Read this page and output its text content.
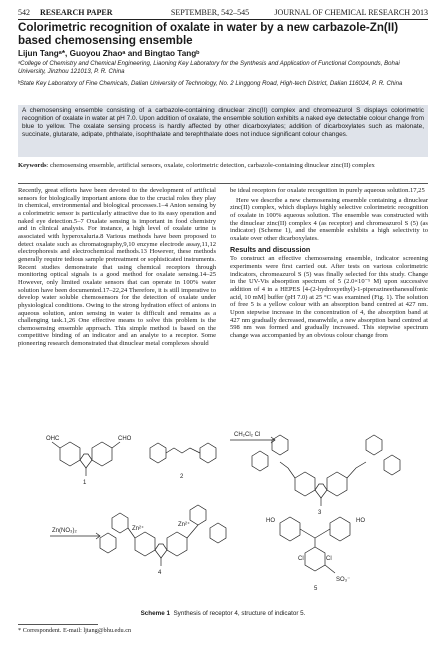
542	RESEARCH PAPER	SEPTEMBER, 542–545	JOURNAL OF CHEMICAL RESEARCH 2013
Colorimetric recognition of oxalate in water by a new carbazole-Zn(II) based chemosensing ensemble
Lijun Tangᵃ*, Guoyou Zhaoᵃ and Bingtao Tangᵇ
ᵃCollege of Chemistry and Chemical Engineering, Liaoning Key Laboratory for the Synthesis and Application of Functional Compounds, Bohai University, Jinzhou 121013, P. R. China
ᵇState Key Laboratory of Fine Chemicals, Dalian University of Technology, No. 2 Linggong Road, High-tech District, Dalian 116024, P. R. China
A chemosensing ensemble consisting of a carbazole-containing dinuclear zinc(II) complex and chromeazurol S displays colorimetric recognition of oxalate in water at pH 7.0. Upon addition of oxalate, the ensemble solution exhibits a naked eye detectable colour change from blue to yellow. The oxalate sensing process is hardly affected by other dicarboxylates; addition of dicarboxylates such as malonate, succinate, glutarate, adipate, phthalate, isophthalate and terephthalate does not induce significant colour changes.
Keywords: chemosensing ensemble, artificial sensors, oxalate, colorimetric detection, carbazole-containing dinuclear zinc(II) complex

Recently, great efforts have been devoted to the development of artificial sensors for biologically important anions due to the crucial roles they play in chemical, environmental and biological processes.1–4 Anion sensing by a colorimetric sensor is particularly attractive due to its easy operation and naked eye detection.5–7 Oxalate sensing is important in food chemistry and in clinical analysis. For instance, a high level of oxalate urine is associated with hyperoxaluria.8 Various methods have been proposed to detect oxalate such as chromatography,9,10 enzyme electrode assay,11,12 electrophoresis and electrochemical methods.13 However, these methods generally require tedious sample pretreatment or sophisticated instruments. Recent studies demonstrate that using chemical receptors through monitoring optical signals is a good method for oxalate sensing.14–25 However, only limited oxalate sensors that can operate in 100% water solution have been documented.17–22,24 Therefore, it is still imperative to develop water soluble chemosensors for the detection of oxalate under physiological conditions. Owing to the strong hydration effect of anions in aqueous solution, anion sensing in water is difficult and remains as a challenging task.1,26 One effective means to solve this problem is the chemosensing ensemble approach. This simple method is based on the competitive binding of an indicator and an analyte to a receptor. Some pioneering research demonstrated that dinuclear metal complexes should

be ideal receptors for oxalate recognition in purely aqueous solution.17,25

Here we describe a new chemosensing ensemble containing a dinuclear zinc(II) complex, which displays highly selective colorimetric recognition of oxalate in 100% aqueous solution. The ensemble was constructed with the dinuclear zinc(II) complex 4 (as receptor) and chromeazurol S (5) (as indicator) (Scheme 1), and the ensemble exhibits a high selectivity to oxalate over other dicarboxylates.

Results and discussion

To construct an effective chemosensing ensemble, indicator screening experiments were first carried out. After tests on various colorimetric indicators, chromeazurol S (5) was finally selected for this study. Change in the UV-Vis absorption spectrum of 5 (2.0×10⁻⁵ M) upon successive addition of 4 in a HEPES [4-(2-hydroxyethyl)-1-piperazineethanesulfonic acid, 10 mM] buffer (pH 7.0) at 25 °C was examined (Fig. 1). The solution of free 5 is a yellow colour with an absorption band centred at 427 nm. Upon stepwise increase in the concentration of 4, the absorption band at 427 nm gradually decreased, meanwhile, a new absorption band centred at 598 nm was formed and gradually increased. This stepwise spectrum change was accompanied by an obvious colour change from

OHC	CHO
1
2
CH₂Cl₂ Cl
3
Zn(NO₃)₂	Zn²⁺
Zn²⁺
4
HO	HO
Cl	Cl
SO₃⁻
5
Scheme 1 Synthesis of receptor 4, structure of indicator 5.
* Correspondent. E-mail: ljtang@bhu.edu.cn
